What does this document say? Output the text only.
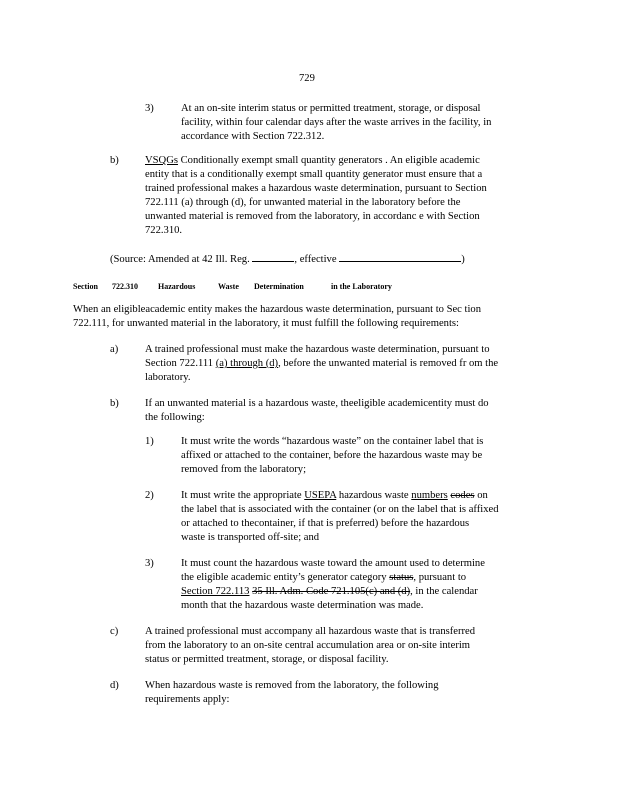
729
3)	At an on-site interim status or permitted treatment, storage, or disposal
facility, within four calendar days after the waste arrives in the facility, in
accordance with Section 722.312.
b) VSQGs Conditionally exempt small quantity generators . An eligible academic
entity that is a conditionally exempt small quantity generator must ensure that a
trained professional makes a hazardous waste determination, pursuant to Section
722.111 (a) through (d), for unwanted material in the laboratory before the
unwanted material is removed from the laboratory, in accordanc e with Section
722.310.
(Source: Amended at 42 Ill. Reg.	, effective	)
Section 722.310	Hazardous	Waste Determination	in the Laboratory
When an eligibleacademic entity makes the hazardous waste determination, pursuant to Sec tion
722.111, for unwanted material in the laboratory, it must fulfill the following requirements:
a)	A trained professional must make the hazardous waste determination, pursuant to
Section 722.111 (a) through (d), before the unwanted material is removed fr om the
laboratory.
b) If an unwanted material is a hazardous waste, theeligible academicentity must do
the following:
1)	It must write the words “hazardous waste” on the container label that is
affixed or attached to the container, before the hazardous waste may be
removed from the laboratory;
2)	It must write the appropriate USEPA hazardous waste numbers codes on
the label that is associated with the container (or on the label that is affixed
or attached to thecontainer, if that is preferred) before the hazardous
waste is transported off-site; and
3)	It must count the hazardous waste toward the amount used to determine
the eligible academic entity’s generator category status, pursuant to
Section 722.113 35 Ill. Adm. Code 721.105(c) and (d), in the calendar
month that the hazardous waste determination was made.
c)	A trained professional must accompany all hazardous waste that is transferred
from the laboratory to an on-site central accumulation area or on-site interim
status or permitted treatment, storage, or disposal facility.
d) When hazardous waste is removed from the laboratory, the following
requirements apply:
